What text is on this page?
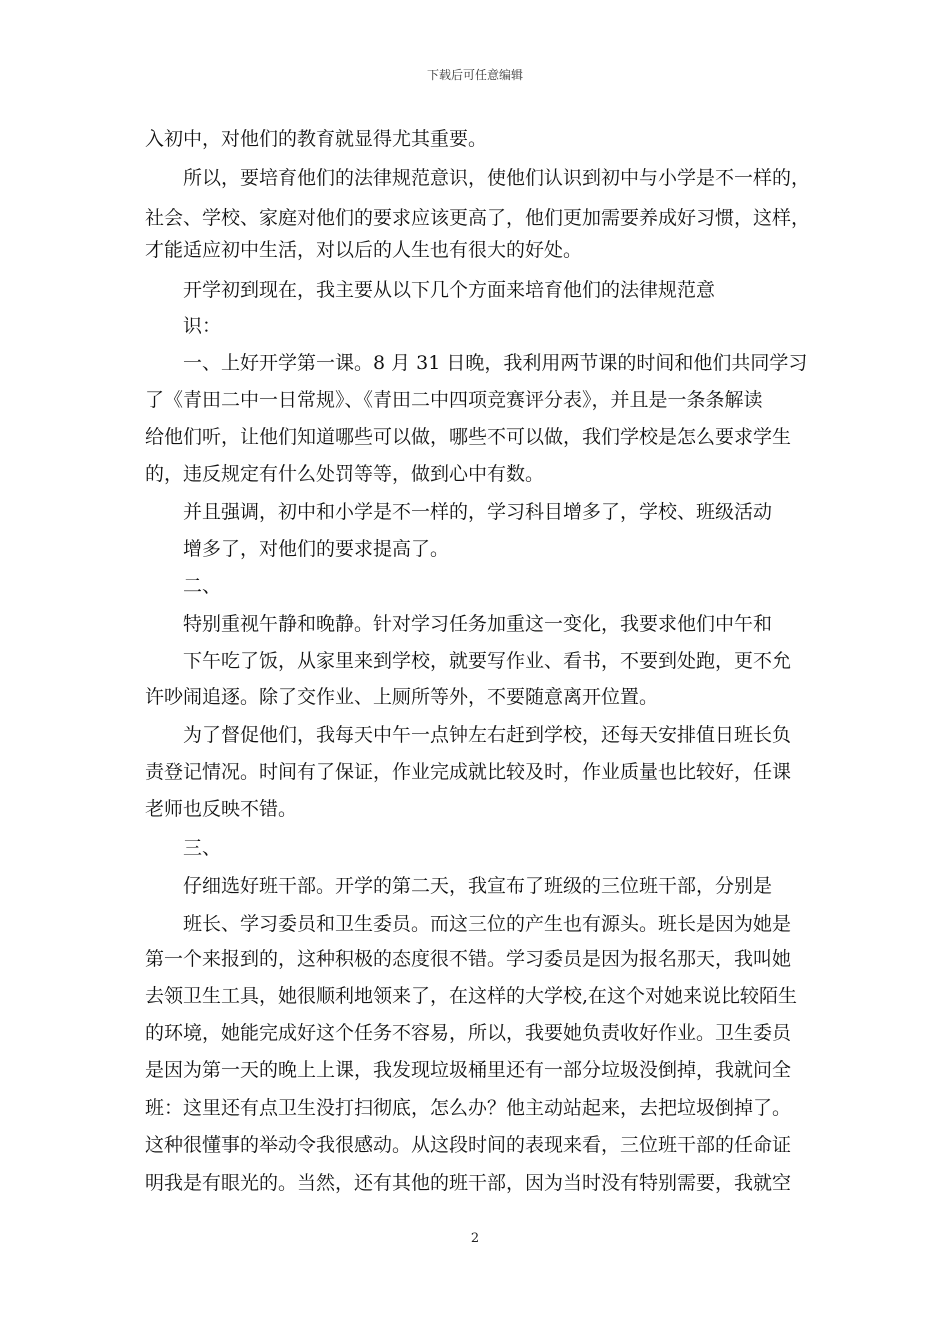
下载后可任意编辑
入初中，对他们的教育就显得尤其重要。
所以，要培育他们的法律规范意识，使他们认识到初中与小学是不一样的，
社会、学校、家庭对他们的要求应该更高了，他们更加需要养成好习惯，这样，
才能适应初中生活，对以后的人生也有很大的好处。
开学初到现在，我主要从以下几个方面来培育他们的法律规范意
识：
一、上好开学第一课。8 月 31 日晚，我利用两节课的时间和他们共同学习
了《青田二中一日常规》、《青田二中四项竞赛评分表》，并且是一条条解读
给他们听，让他们知道哪些可以做，哪些不可以做，我们学校是怎么要求学生
的，违反规定有什么处罚等等，做到心中有数。
并且强调，初中和小学是不一样的，学习科目增多了，学校、班级活动
增多了，对他们的要求提高了。
二、
特别重视午静和晚静。针对学习任务加重这一变化，我要求他们中午和
下午吃了饭，从家里来到学校，就要写作业、看书，不要到处跑，更不允
许吵闹追逐。除了交作业、上厕所等外，不要随意离开位置。
为了督促他们，我每天中午一点钟左右赶到学校，还每天安排值日班长负
责登记情况。时间有了保证，作业完成就比较及时，作业质量也比较好，任课
老师也反映不错。
三、
仔细选好班干部。开学的第二天，我宣布了班级的三位班干部，分别是
班长、学习委员和卫生委员。而这三位的产生也有源头。班长是因为她是
第一个来报到的，这种积极的态度很不错。学习委员是因为报名那天，我叫她
去领卫生工具，她很顺利地领来了，在这样的大学校,在这个对她来说比较陌生
的环境，她能完成好这个任务不容易，所以，我要她负责收好作业。卫生委员
是因为第一天的晚上上课，我发现垃圾桶里还有一部分垃圾没倒掉，我就问全
班：这里还有点卫生没打扫彻底，怎么办？他主动站起来，去把垃圾倒掉了。
这种很懂事的举动令我很感动。从这段时间的表现来看，三位班干部的任命证
明我是有眼光的。当然，还有其他的班干部，因为当时没有特别需要，我就空
2
